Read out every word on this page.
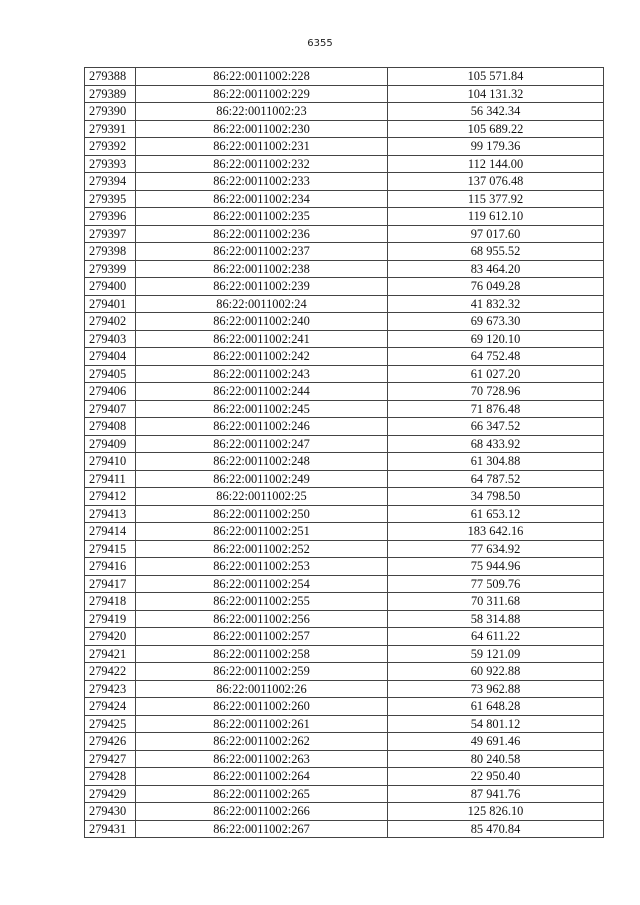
6355
279388	86:22:0011002:228	105 571.84
279389	86:22:0011002:229	104 131.32
279390	86:22:0011002:23	56 342.34
279391	86:22:0011002:230	105 689.22
279392	86:22:0011002:231	99 179.36
279393	86:22:0011002:232	112 144.00
279394	86:22:0011002:233	137 076.48
279395	86:22:0011002:234	115 377.92
279396	86:22:0011002:235	119 612.10
279397	86:22:0011002:236	97 017.60
279398	86:22:0011002:237	68 955.52
279399	86:22:0011002:238	83 464.20
279400	86:22:0011002:239	76 049.28
279401	86:22:0011002:24	41 832.32
279402	86:22:0011002:240	69 673.30
279403	86:22:0011002:241	69 120.10
279404	86:22:0011002:242	64 752.48
279405	86:22:0011002:243	61 027.20
279406	86:22:0011002:244	70 728.96
279407	86:22:0011002:245	71 876.48
279408	86:22:0011002:246	66 347.52
279409	86:22:0011002:247	68 433.92
279410	86:22:0011002:248	61 304.88
279411	86:22:0011002:249	64 787.52
279412	86:22:0011002:25	34 798.50
279413	86:22:0011002:250	61 653.12
279414	86:22:0011002:251	183 642.16
279415	86:22:0011002:252	77 634.92
279416	86:22:0011002:253	75 944.96
279417	86:22:0011002:254	77 509.76
279418	86:22:0011002:255	70 311.68
279419	86:22:0011002:256	58 314.88
279420	86:22:0011002:257	64 611.22
279421	86:22:0011002:258	59 121.09
279422	86:22:0011002:259	60 922.88
279423	86:22:0011002:26	73 962.88
279424	86:22:0011002:260	61 648.28
279425	86:22:0011002:261	54 801.12
279426	86:22:0011002:262	49 691.46
279427	86:22:0011002:263	80 240.58
279428	86:22:0011002:264	22 950.40
279429	86:22:0011002:265	87 941.76
279430	86:22:0011002:266	125 826.10
279431	86:22:0011002:267	85 470.84
